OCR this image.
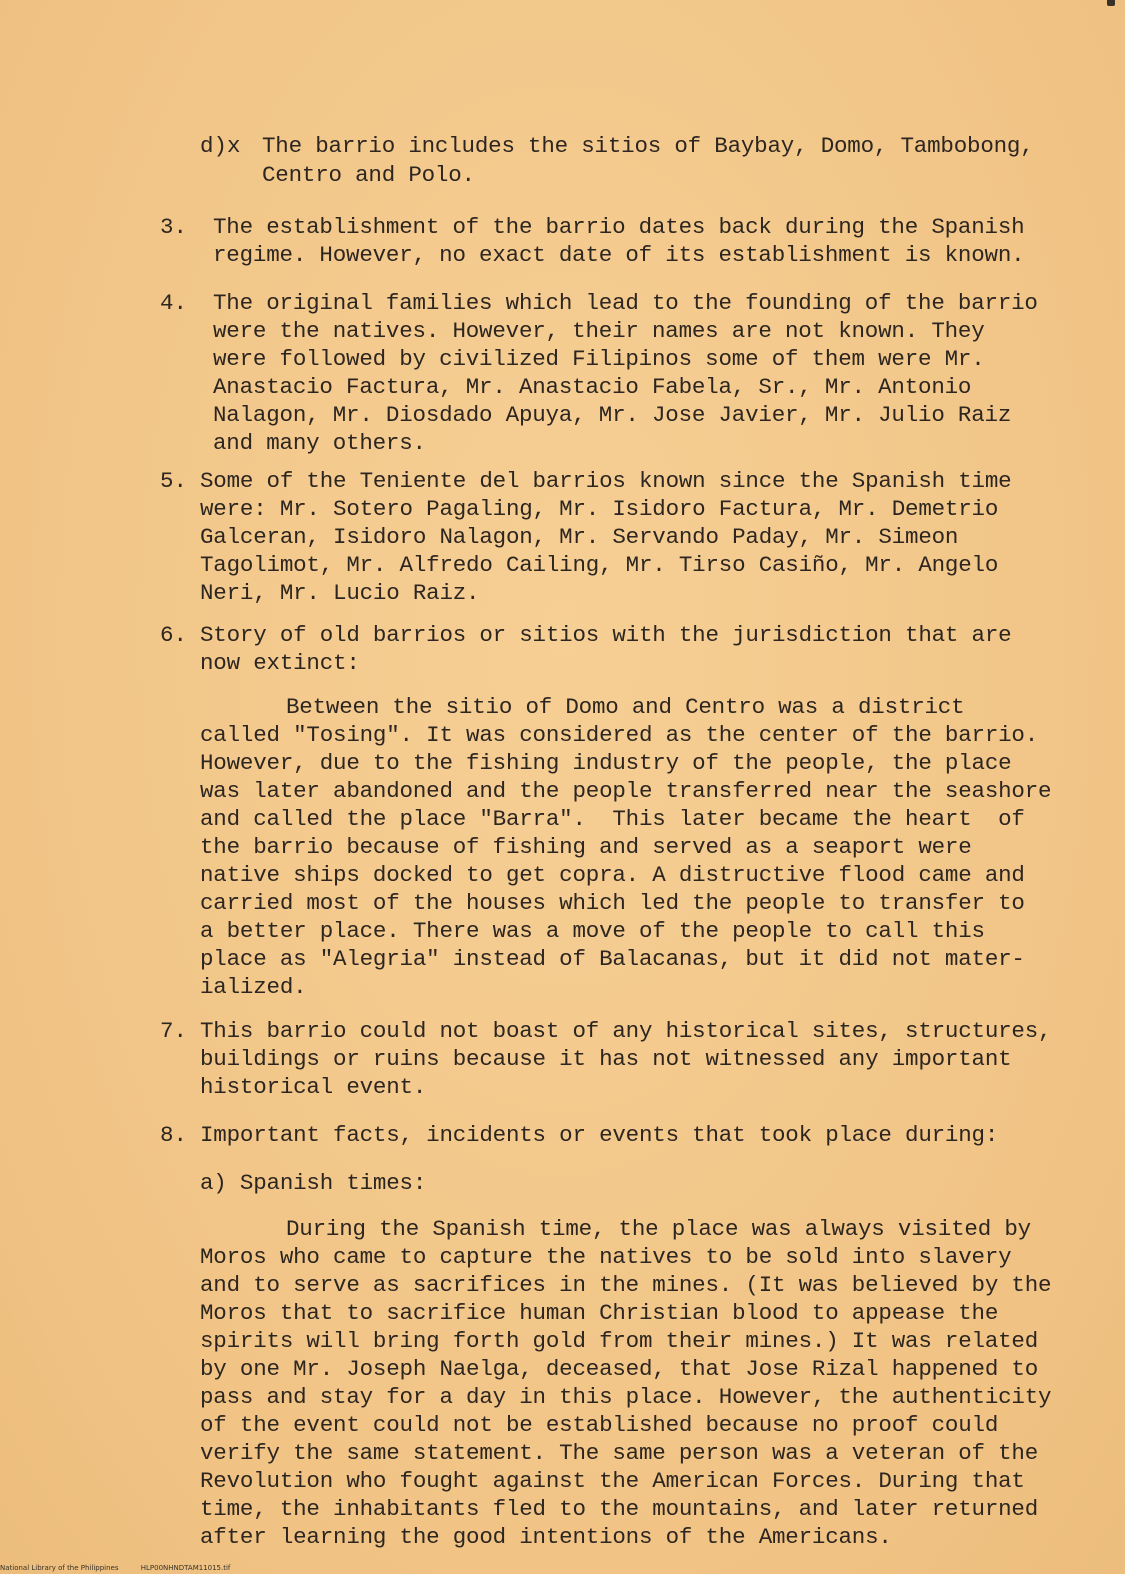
d)x The barrio includes the sitios of Baybay, Domo, Tambobong,

Centro and Polo.

3. The establishment of the barrio dates back during the Spanish

regime. However, no exact date of its establishment is known.

4. The original families which lead to the founding of the barrio

were the natives. However, their names are not known. They

were followed by civilized Filipinos some of them were Mr.

Anastacio Factura, Mr. Anastacio Fabela, Sr., Mr. Antonio

Nalagon, Mr. Diosdado Apuya, Mr. Jose Javier, Mr. Julio Raiz

and many others.

5. Some of the Teniente del barrios known since the Spanish time

were: Mr. Sotero Pagaling, Mr. Isidoro Factura, Mr. Demetrio

Galceran, Isidoro Nalagon, Mr. Servando Paday, Mr. Simeon

Tagolimot, Mr. Alfredo Cailing, Mr. Tirso Casiño, Mr. Angelo

Neri, Mr. Lucio Raiz.

6. Story of old barrios or sitios with the jurisdiction that are

now extinct:

Between the sitio of Domo and Centro was a district

called "Tosing". It was considered as the center of the barrio.

However, due to the fishing industry of the people, the place

was later abandoned and the people transferred near the seashore

and called the place "Barra".  This later became the heart  of

the barrio because of fishing and served as a seaport were

native ships docked to get copra. A distructive flood came and

carried most of the houses which led the people to transfer to

a better place. There was a move of the people to call this

place as "Alegria" instead of Balacanas, but it did not mater-

ialized.

7. This barrio could not boast of any historical sites, structures,

buildings or ruins because it has not witnessed any important

historical event.

8. Important facts, incidents or events that took place during:

a) Spanish times:

During the Spanish time, the place was always visited by

Moros who came to capture the natives to be sold into slavery

and to serve as sacrifices in the mines. (It was believed by the

Moros that to sacrifice human Christian blood to appease the

spirits will bring forth gold from their mines.) It was related

by one Mr. Joseph Naelga, deceased, that Jose Rizal happened to

pass and stay for a day in this place. However, the authenticity

of the event could not be established because no proof could

verify the same statement. The same person was a veteran of the

Revolution who fought against the American Forces. During that

time, the inhabitants fled to the mountains, and later returned

after learning the good intentions of the Americans.

National Library of the Philippines	HLP00NHNDTAM11015.tif
